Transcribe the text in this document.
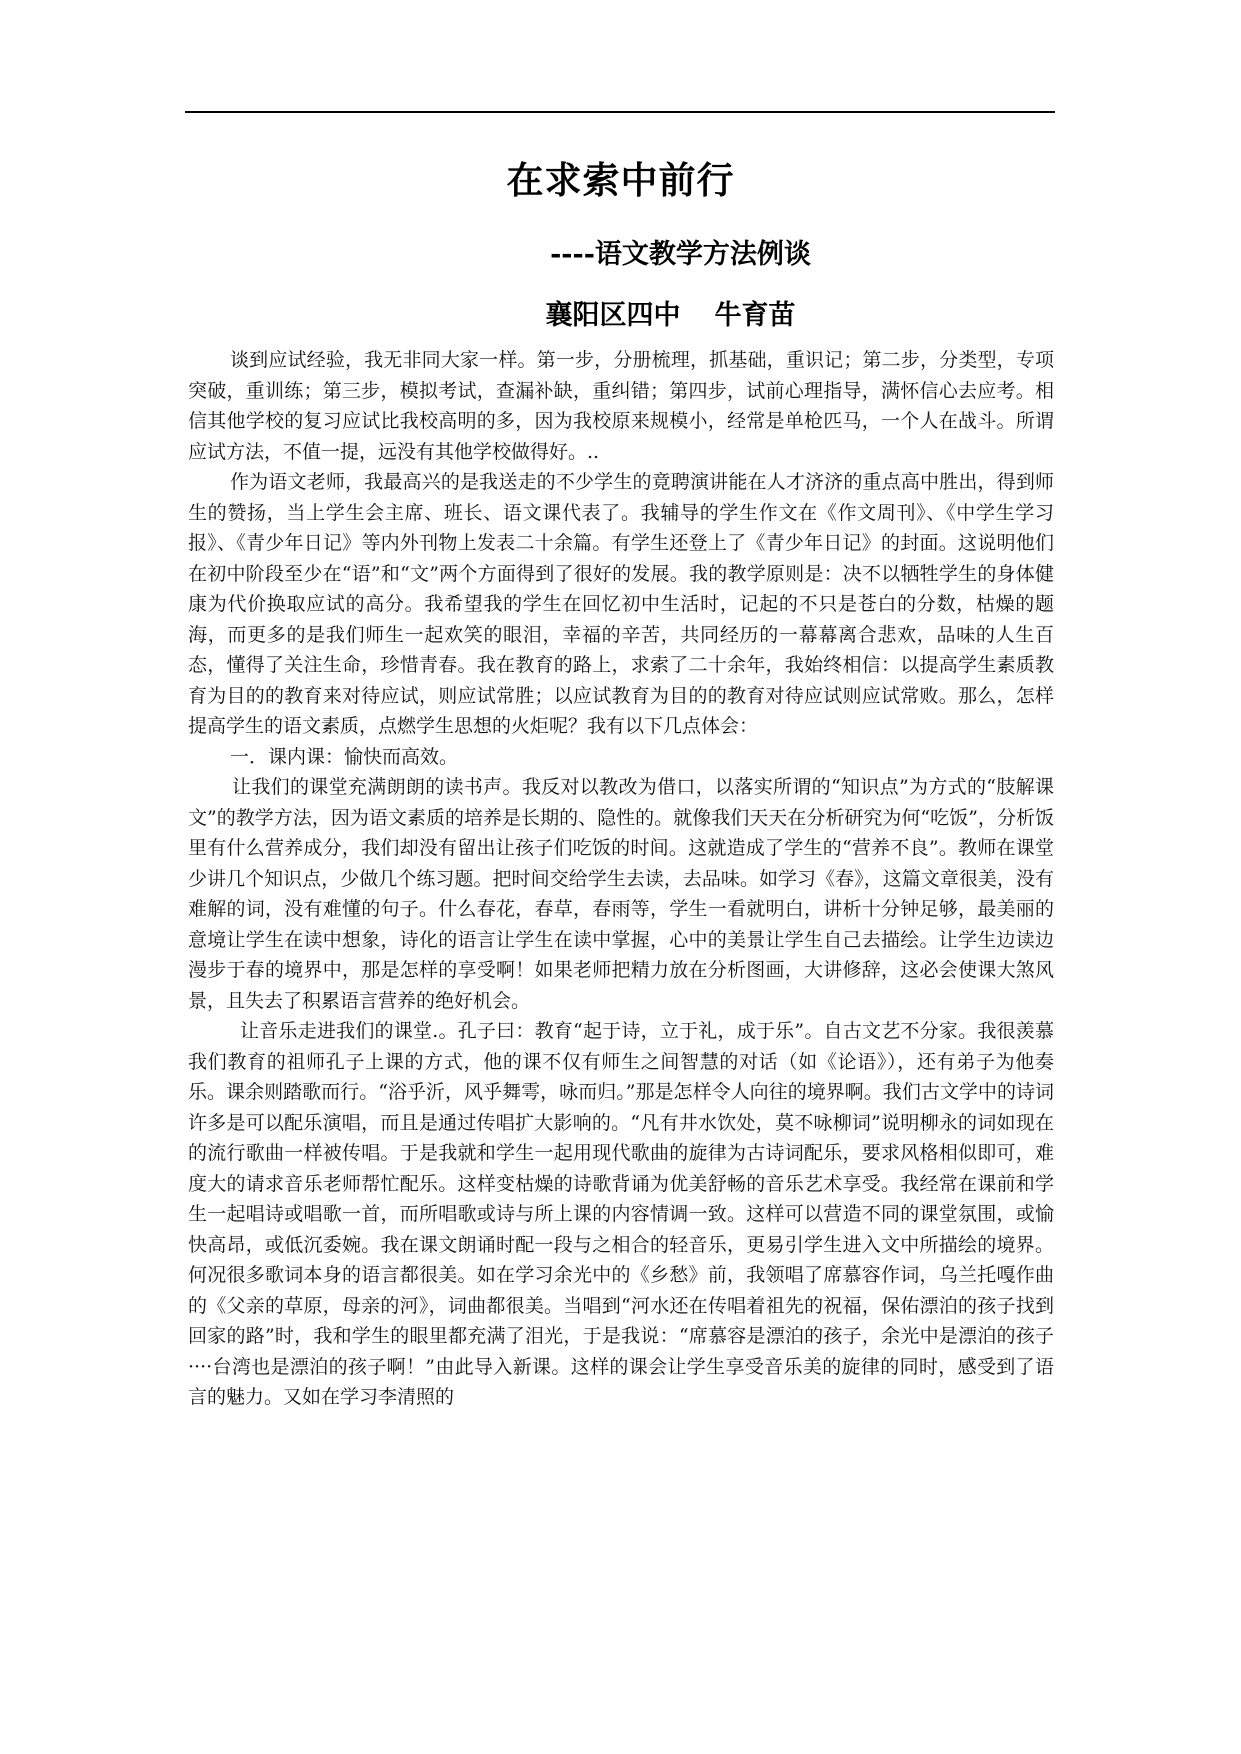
在求索中前行
----语文教学方法例谈
襄阳区四中 牛育苗

谈到应试经验，我无非同大家一样。第一步，分册梳理，抓基础，重识记；第二步，分类型，专项突破，重训练；第三步，模拟考试，查漏补缺，重纠错；第四步，试前心理指导，满怀信心去应考。相信其他学校的复习应试比我校高明的多，因为我校原来规模小，经常是单枪匹马，一个人在战斗。所谓应试方法，不值一提，远没有其他学校做得好。..

作为语文老师，我最高兴的是我送走的不少学生的竟聘演讲能在人才济济的重点高中胜出，得到师生的赞扬，当上学生会主席、班长、语文课代表了。我辅导的学生作文在《作文周刊》、《中学生学习报》、《青少年日记》等内外刊物上发表二十余篇。有学生还登上了《青少年日记》的封面。这说明他们在初中阶段至少在“语”和“文”两个方面得到了很好的发展。我的教学原则是：决不以牺牲学生的身体健康为代价换取应试的高分。我希望我的学生在回忆初中生活时，记起的不只是苍白的分数，枯燥的题海，而更多的是我们师生一起欢笑的眼泪，幸福的辛苦，共同经历的一幕幕离合悲欢，品味的人生百态，懂得了关注生命，珍惜青春。我在教育的路上，求索了二十余年，我始终相信：以提高学生素质教育为目的的教育来对待应试，则应试常胜；以应试教育为目的的教育对待应试则应试常败。那么，怎样提高学生的语文素质，点燃学生思想的火炬呢？我有以下几点体会：

一．课内课：愉快而高效。

让我们的课堂充满朗朗的读书声。我反对以教改为借口，以落实所谓的“知识点”为方式的“肢解课文”的教学方法，因为语文素质的培养是长期的、隐性的。就像我们天天在分析研究为何“吃饭”，分析饭里有什么营养成分，我们却没有留出让孩子们吃饭的时间。这就造成了学生的“营养不良”。教师在课堂少讲几个知识点，少做几个练习题。把时间交给学生去读，去品味。如学习《春》，这篇文章很美，没有难解的词，没有难懂的句子。什么春花，春草，春雨等，学生一看就明白，讲析十分钟足够，最美丽的意境让学生在读中想象，诗化的语言让学生在读中掌握，心中的美景让学生自己去描绘。让学生边读边漫步于春的境界中，那是怎样的享受啊！如果老师把精力放在分析图画，大讲修辞，这必会使课大煞风景，且失去了积累语言营养的绝好机会。

让音乐走进我们的课堂.。孔子曰：教育“起于诗，立于礼，成于乐”。自古文艺不分家。我很羡慕我们教育的祖师孔子上课的方式，他的课不仅有师生之间智慧的对话（如《论语》），还有弟子为他奏乐。课余则踏歌而行。“浴乎沂，风乎舞雩，咏而归。”那是怎样令人向往的境界啊。我们古文学中的诗词许多是可以配乐演唱，而且是通过传唱扩大影响的。“凡有井水饮处，莫不咏柳词”说明柳永的词如现在的流行歌曲一样被传唱。于是我就和学生一起用现代歌曲的旋律为古诗词配乐，要求风格相似即可，难度大的请求音乐老师帮忙配乐。这样变枯燥的诗歌背诵为优美舒畅的音乐艺术享受。我经常在课前和学生一起唱诗或唱歌一首，而所唱歌或诗与所上课的内容情调一致。这样可以营造不同的课堂氛围，或愉快高昂，或低沉委婉。我在课文朗诵时配一段与之相合的轻音乐，更易引学生进入文中所描绘的境界。何况很多歌词本身的语言都很美。如在学习余光中的《乡愁》前，我领唱了席慕容作词，乌兰托嘎作曲的《父亲的草原，母亲的河》，词曲都很美。当唱到“河水还在传唱着祖先的祝福，保佑漂泊的孩子找到回家的路”时，我和学生的眼里都充满了泪光，于是我说：“席慕容是漂泊的孩子，余光中是漂泊的孩子····台湾也是漂泊的孩子啊！”由此导入新课。这样的课会让学生享受音乐美的旋律的同时，感受到了语言的魅力。又如在学习李清照的
